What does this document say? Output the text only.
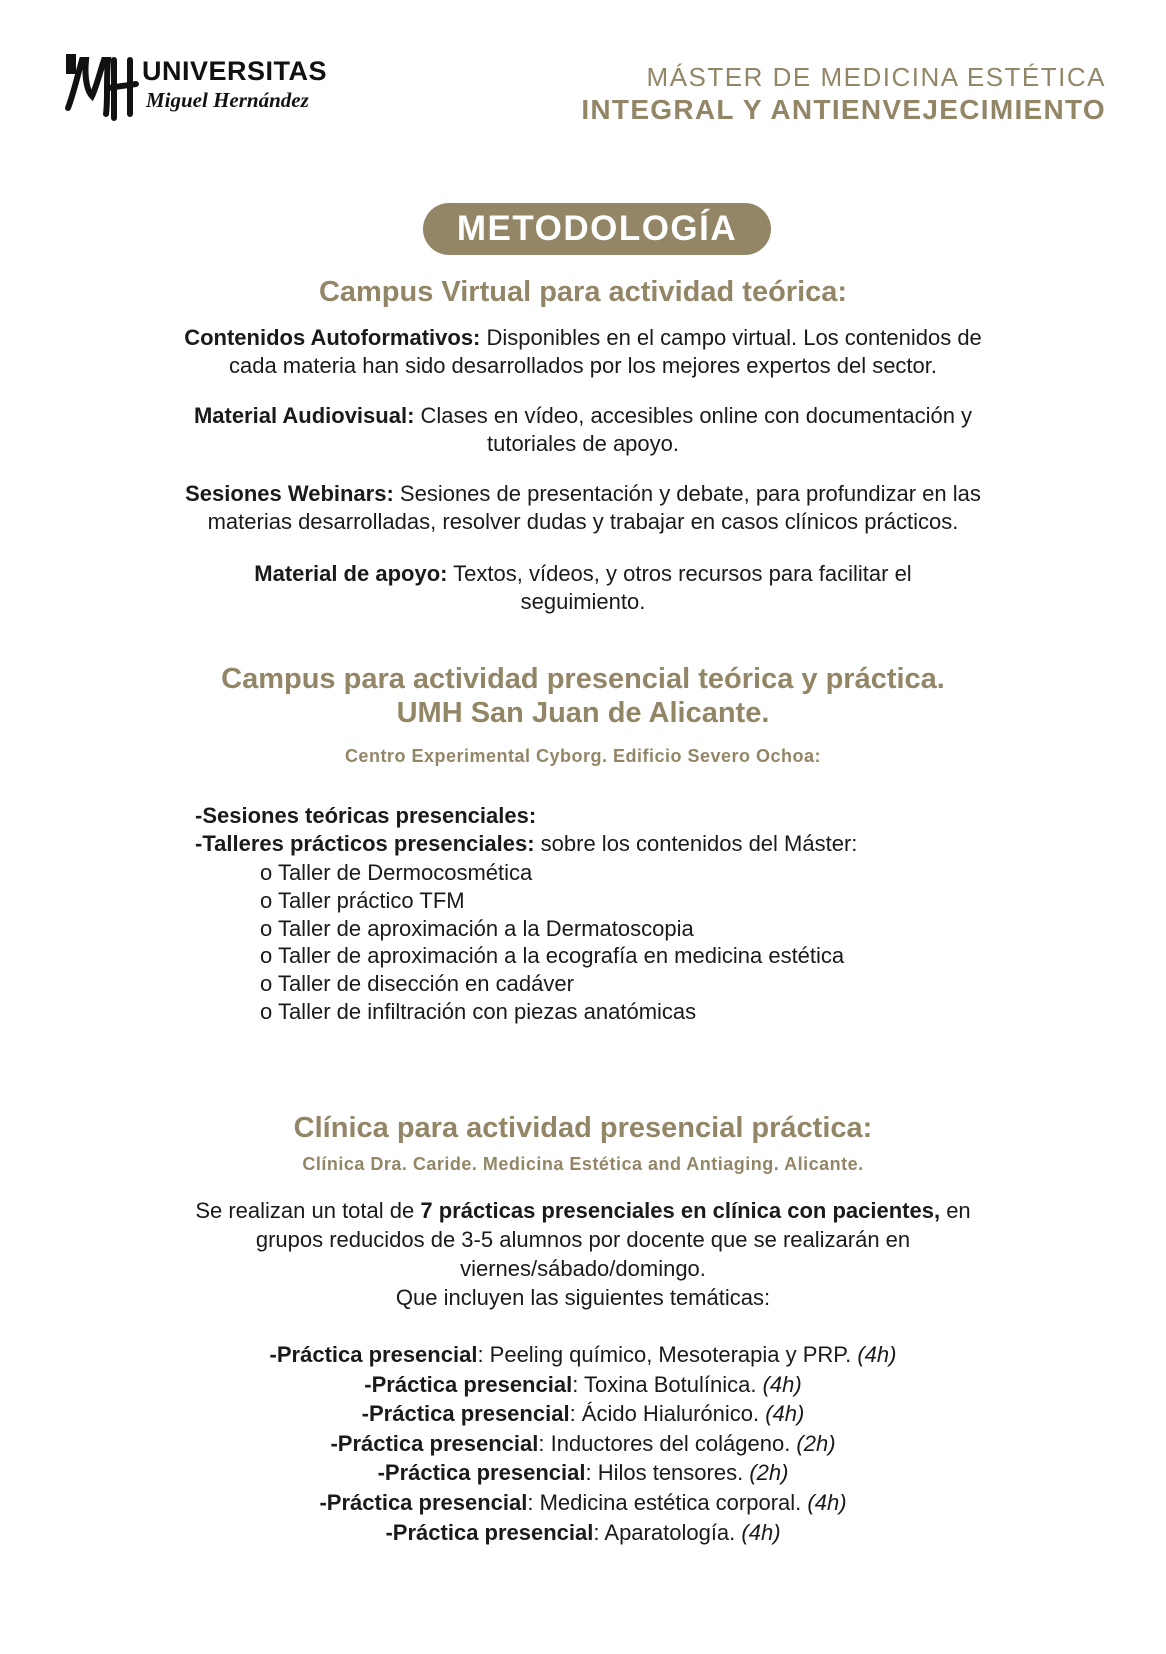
UNIVERSITAS
Miguel Hernández
MÁSTER DE MEDICINA ESTÉTICA
INTEGRAL Y ANTIENVEJECIMIENTO
METODOLOGÍA
Campus Virtual para actividad teórica:
Contenidos Autoformativos: Disponibles en el campo virtual. Los contenidos de
cada materia han sido desarrollados por los mejores expertos del sector.
Material Audiovisual: Clases en vídeo, accesibles online con documentación y
tutoriales de apoyo.
Sesiones Webinars: Sesiones de presentación y debate, para profundizar en las
materias desarrolladas, resolver dudas y trabajar en casos clínicos prácticos.
Material de apoyo: Textos, vídeos, y otros recursos para facilitar el
seguimiento.
Campus para actividad presencial teórica y práctica.
UMH San Juan de Alicante.
Centro Experimental Cyborg. Edificio Severo Ochoa:
-Sesiones teóricas presenciales:
-Talleres prácticos presenciales: sobre los contenidos del Máster:
o Taller de Dermocosmética
o Taller práctico TFM
o Taller de aproximación a la Dermatoscopia
o Taller de aproximación a la ecografía en medicina estética
o Taller de disección en cadáver
o Taller de infiltración con piezas anatómicas
Clínica para actividad presencial práctica:
Clínica Dra. Caride. Medicina Estética and Antiaging. Alicante.
Se realizan un total de 7 prácticas presenciales en clínica con pacientes, en
grupos reducidos de 3-5 alumnos por docente que se realizarán en
viernes/sábado/domingo.
Que incluyen las siguientes temáticas:
-Práctica presencial: Peeling químico, Mesoterapia y PRP. (4h)
-Práctica presencial: Toxina Botulínica. (4h)
-Práctica presencial: Ácido Hialurónico. (4h)
-Práctica presencial: Inductores del colágeno. (2h)
-Práctica presencial: Hilos tensores. (2h)
-Práctica presencial: Medicina estética corporal. (4h)
-Práctica presencial: Aparatología. (4h)
